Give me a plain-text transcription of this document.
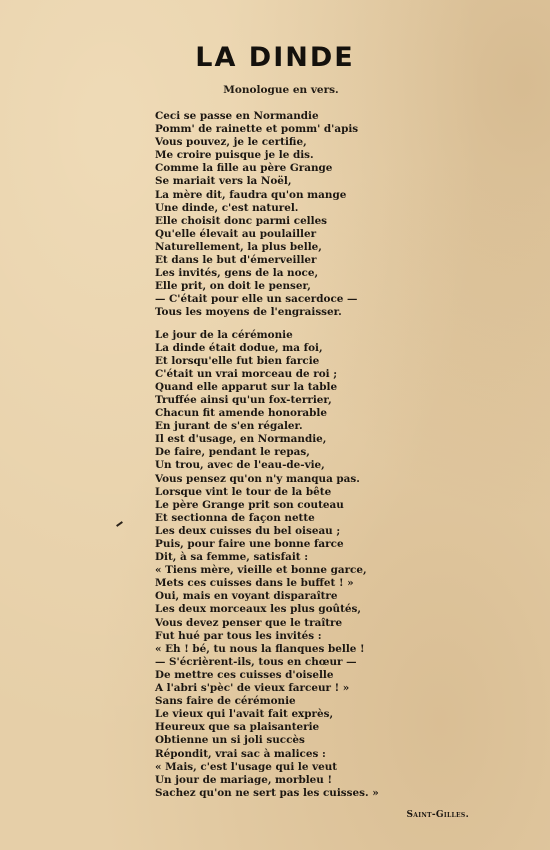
LA DINDE
Monologue en vers.
Ceci se passe en Normandie
Pomm' de rainette et pomm' d'apis
Vous pouvez, je le certifie,
Me croire puisque je le dis.
Comme la fille au père Grange
Se mariait vers la Noël,
La mère dit, faudra qu'on mange
Une dinde, c'est naturel.
Elle choisit donc parmi celles
Qu'elle élevait au poulailler
Naturellement, la plus belle,
Et dans le but d'émerveiller
Les invités, gens de la noce,
Elle prit, on doit le penser,
— C'était pour elle un sacerdoce —
Tous les moyens de l'engraisser.
Le jour de la cérémonie
La dinde était dodue, ma foi,
Et lorsqu'elle fut bien farcie
C'était un vrai morceau de roi ;
Quand elle apparut sur la table
Truffée ainsi qu'un fox-terrier,
Chacun fit amende honorable
En jurant de s'en régaler.
Il est d'usage, en Normandie,
De faire, pendant le repas,
Un trou, avec de l'eau-de-vie,
Vous pensez qu'on n'y manqua pas.
Lorsque vint le tour de la bête
Le père Grange prit son couteau
Et sectionna de façon nette
Les deux cuisses du bel oiseau ;
Puis, pour faire une bonne farce
Dit, à sa femme, satisfait :
« Tiens mère, vieille et bonne garce,
Mets ces cuisses dans le buffet ! »
Oui, mais en voyant disparaître
Les deux morceaux les plus goûtés,
Vous devez penser que le traître
Fut hué par tous les invités :
« Eh ! bé, tu nous la flanques belle !
— S'écrièrent-ils, tous en chœur —
De mettre ces cuisses d'oiselle
A l'abri s'pèc' de vieux farceur ! »
Sans faire de cérémonie
Le vieux qui l'avait fait exprès,
Heureux que sa plaisanterie
Obtienne un si joli succès
Répondit, vrai sac à malices :
« Mais, c'est l'usage qui le veut
Un jour de mariage, morbleu !
Sachez qu'on ne sert pas les cuisses. »
Saint-Gilles.
